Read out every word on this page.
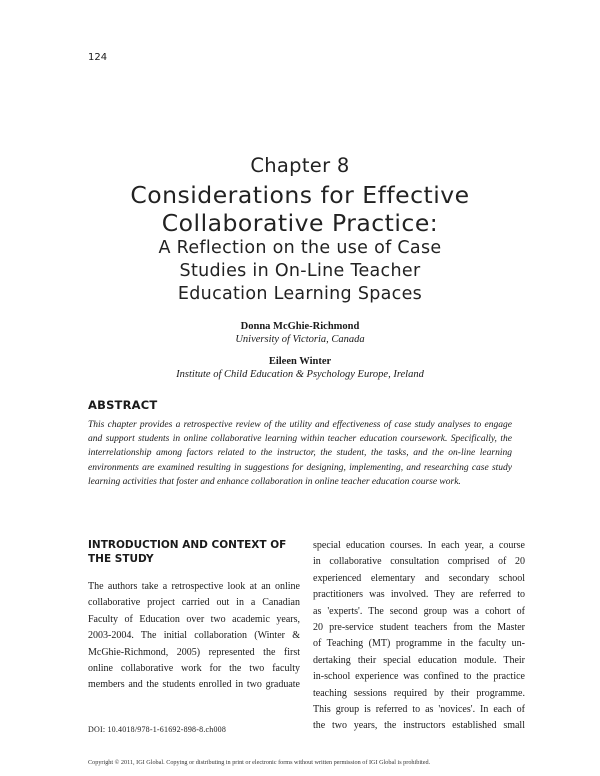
124
Chapter 8
Considerations for Effective
Collaborative Practice:
A Reflection on the use of Case
Studies in On-Line Teacher
Education Learning Spaces
Donna McGhie-Richmond
University of Victoria, Canada
Eileen Winter
Institute of Child Education & Psychology Europe, Ireland
ABSTRACT
This chapter provides a retrospective review of the utility and effectiveness of case study analyses to engage and support students in online collaborative learning within teacher education coursework. Specifically, the interrelationship among factors related to the instructor, the student, the tasks, and the on-line learning environments are examined resulting in suggestions for designing, implementing, and researching case study learning activities that foster and enhance collaboration in online teacher education course work.
INTRODUCTION AND CONTEXT OF THE STUDY
The authors take a retrospective look at an online
collaborative project carried out in a Canadian
Faculty of Education over two academic years,
2003-2004. The initial collaboration (Winter &
McGhie-Richmond, 2005) represented the first
online collaborative work for the two faculty
members and the students enrolled in two graduate
special education courses. In each year, a course
in collaborative consultation comprised of 20
experienced elementary and secondary school
practitioners was involved. They are referred to
as 'experts'. The second group was a cohort of
20 pre-service student teachers from the Master
of Teaching (MT) programme in the faculty un-
dertaking their special education module. Their
in-school experience was confined to the practice
teaching sessions required by their programme.
This group is referred to as 'novices'. In each of
the two years, the instructors established small
DOI: 10.4018/978-1-61692-898-8.ch008
Copyright © 2011, IGI Global. Copying or distributing in print or electronic forms without written permission of IGI Global is prohibited.
